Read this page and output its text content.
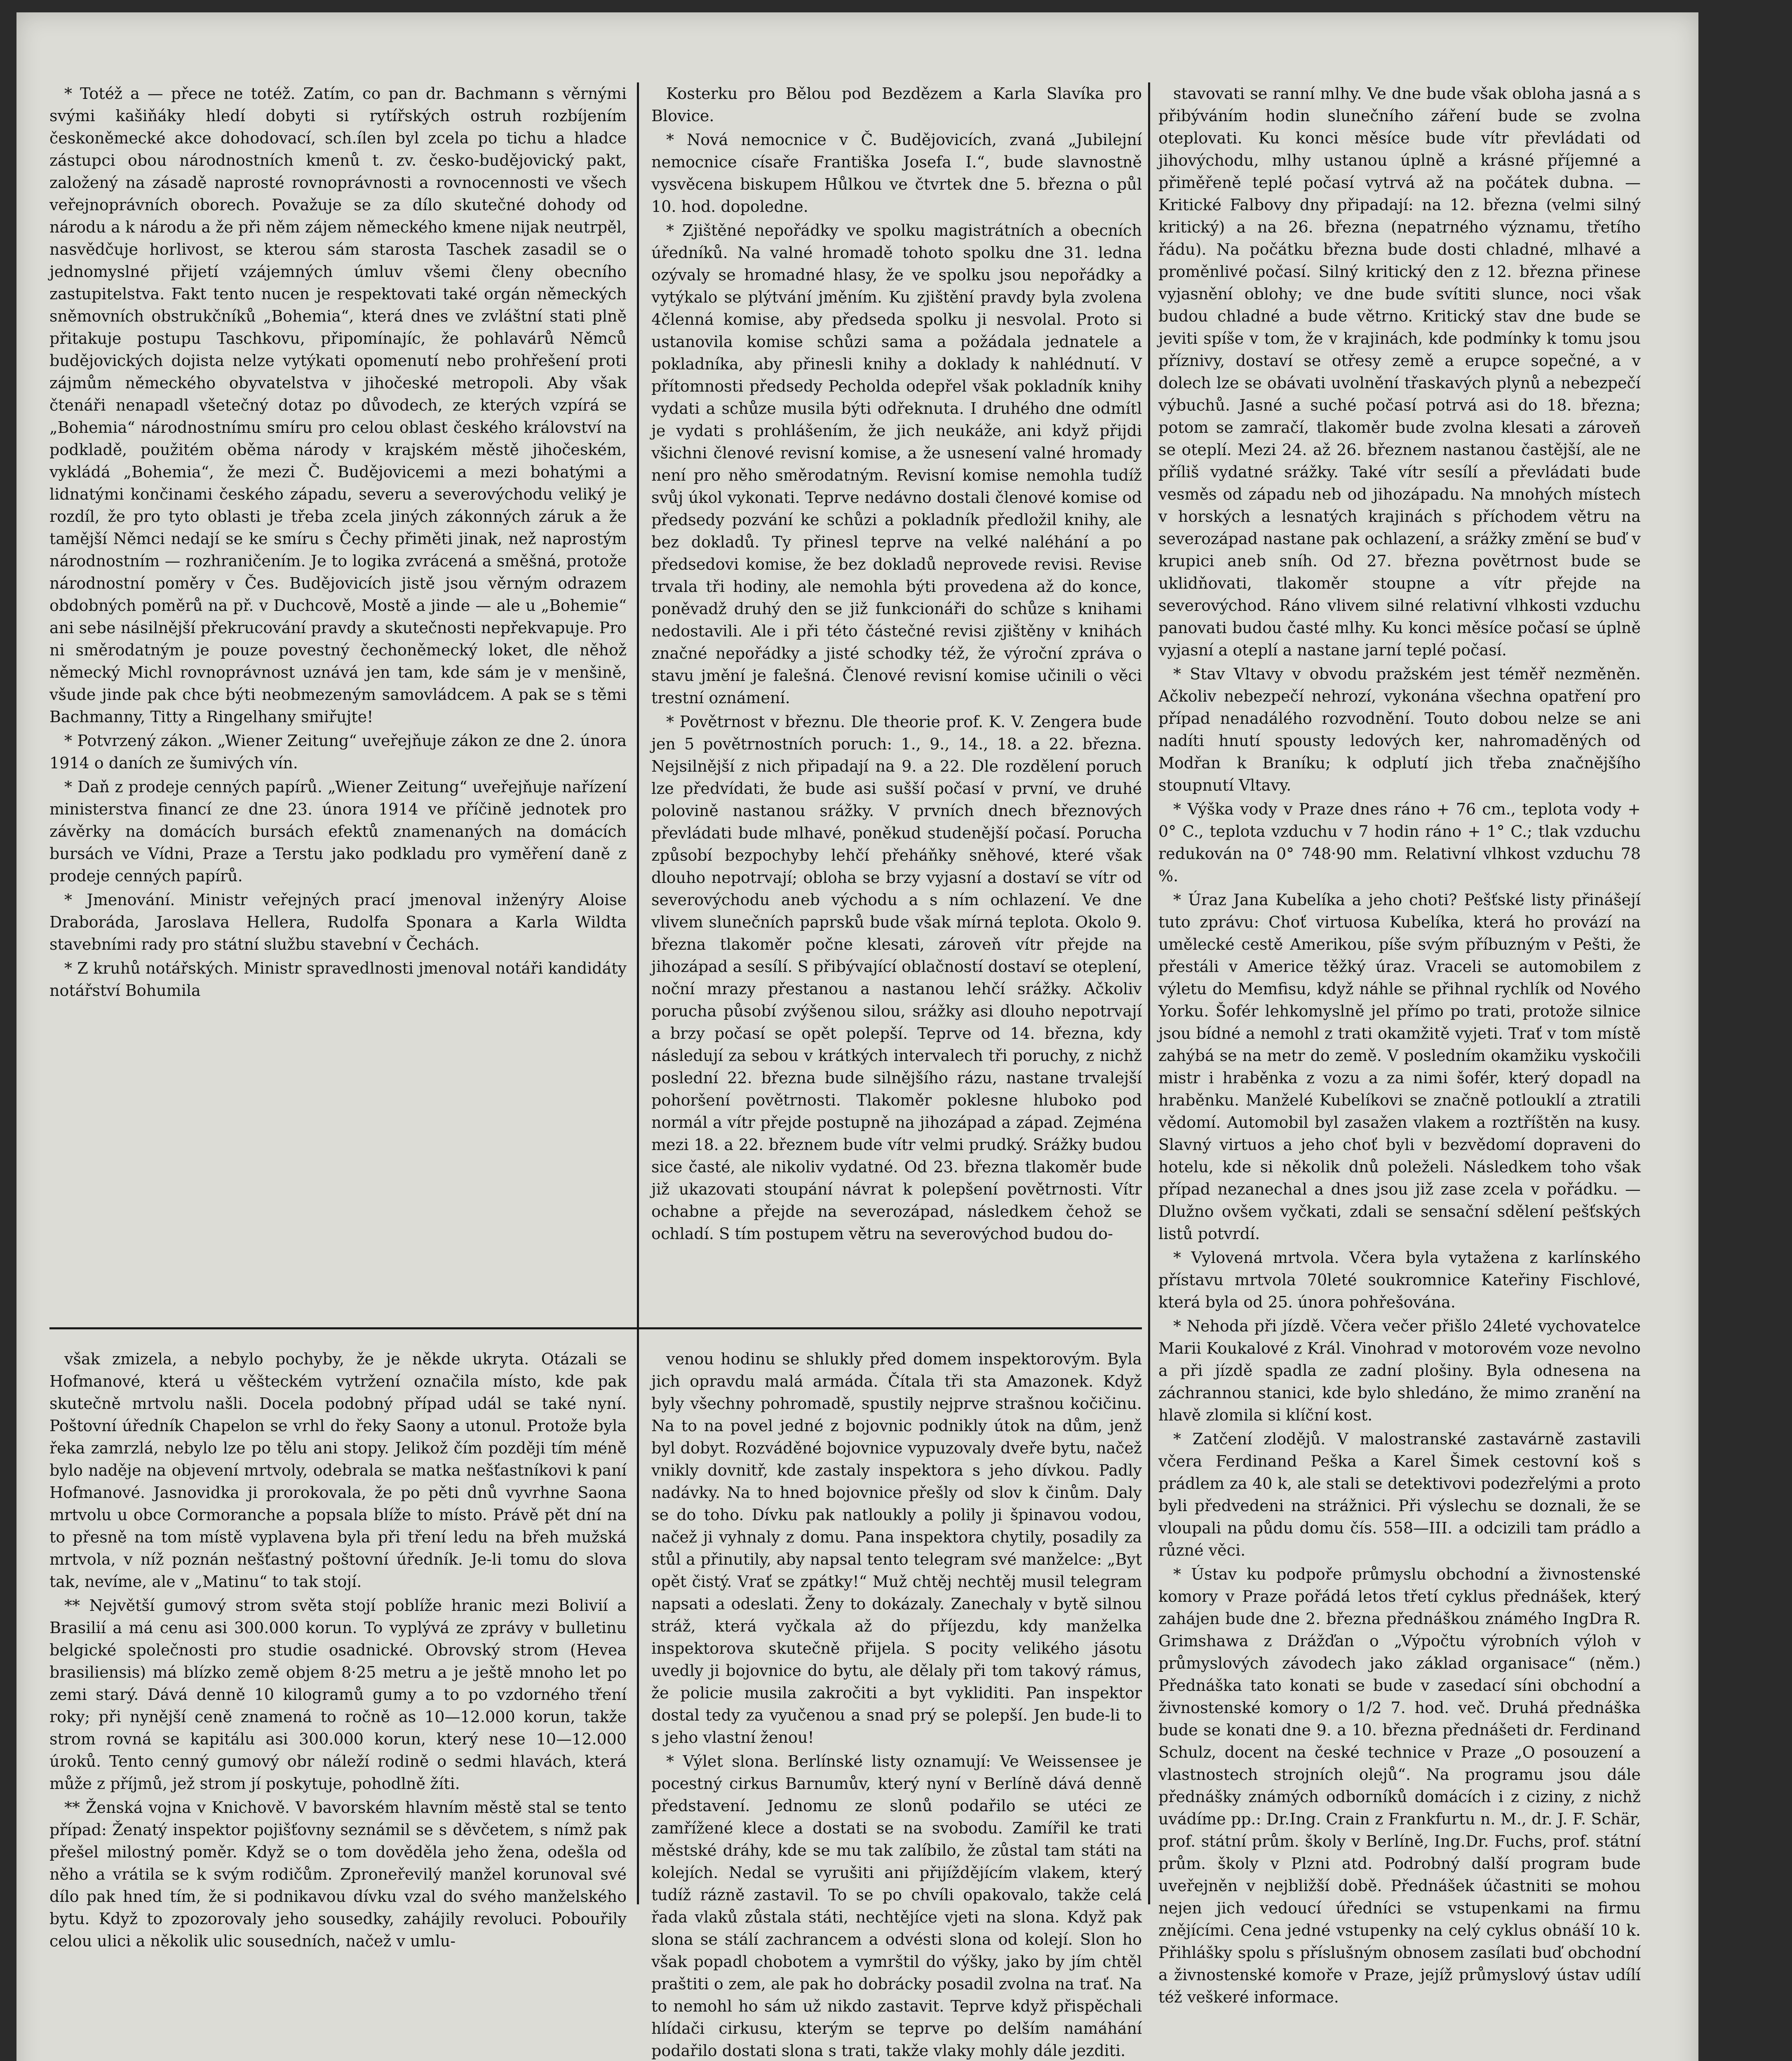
* Totéž a — přece ne totéž. Zatím, co pan dr. Bachmann s věrnými svými kašiňáky hledí dobyti si rytířských ostruh rozbíjením českoněmecké akce dohodovací, sch.ílen byl zcela po tichu a hladce zástupci obou národnostních kmenů t. zv. česko-budějovický pakt, založený na zásadě naprosté rovnoprávnosti a rovnocennosti ve všech veřejnoprávních oborech. Považuje se za dílo skutečné dohody od národu a k národu a že při něm zájem německého kmene nijak neutrpěl, nasvědčuje horlivost, se kterou sám starosta Taschek zasadil se o jednomyslné přijetí vzájemných úmluv všemi členy obecního zastupitelstva. Fakt tento nucen je respektovati také orgán německých sněmovních obstrukčníků „Bohemia“, která dnes ve zvláštní stati plně přitakuje postupu Taschkovu, připomínajíc, že pohlavárů Němců budějovických dojista nelze vytýkati opomenutí nebo prohřešení proti zájmům německého obyvatelstva v jihočeské metropoli. Aby však čtenáři nenapadl všetečný dotaz po důvodech, ze kterých vzpírá se „Bohemia“ národnostnímu smíru pro celou oblast českého království na podkladě, použitém oběma národy v krajském městě jihočeském, vykládá „Bohemia“, že mezi Č. Budějovicemi a mezi bohatými a lidnatými končinami českého západu, severu a severovýchodu veliký je rozdíl, že pro tyto oblasti je třeba zcela jiných zákonných záruk a že tamější Němci nedají se ke smíru s Čechy přiměti jinak, než naprostým národnostním — rozhraničením. Je to logika zvrácená a směšná, protože národnostní poměry v Čes. Budějovicích jistě jsou věrným odrazem obdobných poměrů na př. v Duchcově, Mostě a jinde — ale u „Bohemie“ ani sebe násilnější překrucování pravdy a skutečnosti nepřekvapuje. Pro ni směrodatným je pouze povestný čechoněmecký loket, dle něhož německý Michl rovnoprávnost uznává jen tam, kde sám je v menšině, všude jinde pak chce býti neobmezeným samovládcem. A pak se s těmi Bachmanny, Titty a Ringelhany smiřujte!

* Potvrzený zákon. „Wiener Zeitung“ uveřejňuje zákon ze dne 2. února 1914 o daních ze šumivých vín.

* Daň z prodeje cenných papírů. „Wiener Zeitung“ uveřejňuje nařízení ministerstva financí ze dne 23. února 1914 ve příčině jednotek pro závěrky na domácích bursách efektů znamenaných na domácích bursách ve Vídni, Praze a Terstu jako podkladu pro vyměření daně z prodeje cenných papírů.

* Jmenování. Ministr veřejných prací jmenoval inženýry Aloise Draboráda, Jaroslava Hellera, Rudolfa Sponara a Karla Wildta stavebními rady pro státní službu stavební v Čechách.

* Z kruhů notářských. Ministr spravedlnosti jmenoval notáři kandidáty notářství Bohumila

Kosterku pro Bělou pod Bezdězem a Karla Slavíka pro Blovice.

* Nová nemocnice v Č. Budějovicích, zvaná „Jubilejní nemocnice císaře Františka Josefa I.“, bude slavnostně vysvěcena biskupem Hůlkou ve čtvrtek dne 5. března o půl 10. hod. dopoledne.

* Zjištěné nepořádky ve spolku magistrátních a obecních úředníků. Na valné hromadě tohoto spolku dne 31. ledna ozývaly se hromadné hlasy, že ve spolku jsou nepořádky a vytýkalo se plýtvání jměním. Ku zjištění pravdy byla zvolena 4členná komise, aby předseda spolku ji nesvolal. Proto si ustanovila komise schůzi sama a požádala jednatele a pokladníka, aby přinesli knihy a doklady k nahlédnutí. V přítomnosti předsedy Pecholda odepřel však pokladník knihy vydati a schůze musila býti odřeknuta. I druhého dne odmítl je vydati s prohlášením, že jich neukáže, ani když přijdi všichni členové revisní komise, a že usnesení valné hromady není pro něho směrodatným. Revisní komise nemohla tudíž svůj úkol vykonati. Teprve nedávno dostali členové komise od předsedy pozvání ke schůzi a pokladník předložil knihy, ale bez dokladů. Ty přinesl teprve na velké naléhání a po předsedovi komise, že bez dokladů neprovede revisi. Revise trvala tři hodiny, ale nemohla býti provedena až do konce, poněvadž druhý den se již funkcionáři do schůze s knihami nedostavili. Ale i při této částečné revisi zjištěny v knihách značné nepořádky a jisté schodky též, že výroční zpráva o stavu jmění je falešná. Členové revisní komise učinili o věci trestní oznámení.

* Povětrnost v březnu. Dle theorie prof. K. V. Zengera bude jen 5 povětrnostních poruch: 1., 9., 14., 18. a 22. března. Nejsilnější z nich připadají na 9. a 22. Dle rozdělení poruch lze předvídati, že bude asi sušší počasí v první, ve druhé polovině nastanou srážky. V prvních dnech březnových převládati bude mlhavé, poněkud studenější počasí. Porucha způsobí bezpochyby lehčí přeháňky sněhové, které však dlouho nepotrvají; obloha se brzy vyjasní a dostaví se vítr od severovýchodu aneb východu a s ním ochlazení. Ve dne vlivem slunečních paprsků bude však mírná teplota. Okolo 9. března tlakoměr počne klesati, zároveň vítr přejde na jihozápad a sesílí. S přibývající oblačností dostaví se oteplení, noční mrazy přestanou a nastanou lehčí srážky. Ačkoliv porucha působí zvýšenou silou, srážky asi dlouho nepotrvají a brzy počasí se opět polepší. Teprve od 14. března, kdy následují za sebou v krátkých intervalech tři poruchy, z nichž poslední 22. března bude silnějšího rázu, nastane trvalejší pohoršení povětrnosti. Tlakoměr poklesne hluboko pod normál a vítr přejde postupně na jihozápad a západ. Zejména mezi 18. a 22. březnem bude vítr velmi prudký. Srážky budou sice časté, ale nikoliv vydatné. Od 23. března tlakoměr bude již ukazovati stoupání návrat k polepšení povětrnosti. Vítr ochabne a přejde na severozápad, následkem čehož se ochladí. S tím postupem větru na severovýchod budou do-

stavovati se ranní mlhy. Ve dne bude však obloha jasná a s přibýváním hodin slunečního záření bude se zvolna oteplovati. Ku konci měsíce bude vítr převládati od jihovýchodu, mlhy ustanou úplně a krásné příjemné a přiměřeně teplé počasí vytrvá až na počátek dubna. — Kritické Falbovy dny připadají: na 12. března (velmi silný kritický) a na 26. března (nepatrného významu, třetího řádu). Na počátku března bude dosti chladné, mlhavé a proměnlivé počasí. Silný kritický den z 12. března přinese vyjasnění oblohy; ve dne bude svítiti slunce, noci však budou chladné a bude větrno. Kritický stav dne bude se jeviti spíše v tom, že v krajinách, kde podmínky k tomu jsou příznivy, dostaví se otřesy země a erupce sopečné, a v dolech lze se obávati uvolnění třaskavých plynů a nebezpečí výbuchů. Jasné a suché počasí potrvá asi do 18. března; potom se zamračí, tlakoměr bude zvolna klesati a zároveň se oteplí. Mezi 24. až 26. březnem nastanou častější, ale ne příliš vydatné srážky. Také vítr sesílí a převládati bude vesměs od západu neb od jihozápadu. Na mnohých místech v horských a lesnatých krajinách s příchodem větru na severozápad nastane pak ochlazení, a srážky změní se buď v krupici aneb sníh. Od 27. března povětrnost bude se uklidňovati, tlakoměr stoupne a vítr přejde na severovýchod. Ráno vlivem silné relativní vlhkosti vzduchu panovati budou časté mlhy. Ku konci měsíce počasí se úplně vyjasní a oteplí a nastane jarní teplé počasí.

* Stav Vltavy v obvodu pražském jest téměř nezměněn. Ačkoliv nebezpečí nehrozí, vykonána všechna opatření pro případ nenadálého rozvodnění. Touto dobou nelze se ani nadíti hnutí spousty ledových ker, nahromaděných od Modřan k Braníku; k odplutí jich třeba značnějšího stoupnutí Vltavy.

* Výška vody v Praze dnes ráno + 76 cm., teplota vody + 0° C., teplota vzduchu v 7 hodin ráno + 1° C.; tlak vzduchu redukován na 0° 748·90 mm. Relativní vlhkost vzduchu 78 %.

* Úraz Jana Kubelíka a jeho choti? Pešťské listy přinášejí tuto zprávu: Choť virtuosa Kubelíka, která ho provází na umělecké cestě Amerikou, píše svým příbuzným v Pešti, že přestáli v Americe těžký úraz. Vraceli se automobilem z výletu do Memfisu, když náhle se přihnal rychlík od Nového Yorku. Šofér lehkomyslně jel přímo po trati, protože silnice jsou bídné a nemohl z trati okamžitě vyjeti. Trať v tom místě zahýbá se na metr do země. V posledním okamžiku vyskočili mistr i hraběnka z vozu a za nimi šofér, který dopadl na hraběnku. Manželé Kubelíkovi se značně potlouklí a ztratili vědomí. Automobil byl zasažen vlakem a roztříštěn na kusy. Slavný virtuos a jeho choť byli v bezvědomí dopraveni do hotelu, kde si několik dnů poleželi. Následkem toho však případ nezanechal a dnes jsou již zase zcela v pořádku. — Dlužno ovšem vyčkati, zdali se sensační sdělení pešťských listů potvrdí.

* Vylovená mrtvola. Včera byla vytažena z karlínského přístavu mrtvola 70leté soukromnice Kateřiny Fischlové, která byla od 25. února pohřešována.

* Nehoda při jízdě. Včera večer přišlo 24leté vychovatelce Marii Koukalové z Král. Vinohrad v motorovém voze nevolno a při jízdě spadla ze zadní plošiny. Byla odnesena na záchrannou stanici, kde bylo shledáno, že mimo zranění na hlavě zlomila si klíční kost.

* Zatčení zlodějů. V malostranské zastavárně zastavili včera Ferdinand Peška a Karel Šimek cestovní koš s prádlem za 40 k, ale stali se detektivovi podezřelými a proto byli předvedeni na strážnici. Při výslechu se doznali, že se vloupali na půdu domu čís. 558—III. a odcizili tam prádlo a různé věci.

* Ústav ku podpoře průmyslu obchodní a živnostenské komory v Praze pořádá letos třetí cyklus přednášek, který zahájen bude dne 2. března přednáškou známého IngDra R. Grimshawa z Drážďan o „Výpočtu výrobních výloh v průmyslových závodech jako základ organisace“ (něm.) Přednáška tato konati se bude v zasedací síni obchodní a živnostenské komory o 1/2 7. hod. več. Druhá přednáška bude se konati dne 9. a 10. března přednášeti dr. Ferdinand Schulz, docent na české technice v Praze „O posouzení a vlastnostech strojních olejů“. Na programu jsou dále přednášky známých odborníků domácích i z ciziny, z nichž uvádíme pp.: Dr.Ing. Crain z Frankfurtu n. M., dr. J. F. Schär, prof. státní prům. školy v Berlíně, Ing.Dr. Fuchs, prof. státní prům. školy v Plzni atd. Podrobný další program bude uveřejněn v nejbližší době. Přednášek účastniti se mohou nejen jich vedoucí úředníci se vstupenkami na firmu znějícími. Cena jedné vstupenky na celý cyklus obnáší 10 k. Přihlášky spolu s příslušným obnosem zasílati buď obchodní a živnostenské komoře v Praze, jejíž průmyslový ústav udílí též veškeré informace.

však zmizela, a nebylo pochyby, že je někde ukryta. Otázali se Hofmanové, která u věšteckém vytržení označila místo, kde pak skutečně mrtvolu našli. Docela podobný případ udál se také nyní. Poštovní úředník Chapelon se vrhl do řeky Saony a utonul. Protože byla řeka zamrzlá, nebylo lze po tělu ani stopy. Jelikož čím později tím méně bylo naděje na objevení mrtvoly, odebrala se matka nešťastníkovi k paní Hofmanové. Jasnovidka ji prorokovala, že po pěti dnů vyvrhne Saona mrtvolu u obce Cormoranche a popsala blíže to místo. Právě pět dní na to přesně na tom místě vyplavena byla při tření ledu na břeh mužská mrtvola, v níž poznán nešťastný poštovní úředník. Je-li tomu do slova tak, nevíme, ale v „Matinu“ to tak stojí.

** Největší gumový strom světa stojí poblíže hranic mezi Bolivií a Brasilií a má cenu asi 300.000 korun. To vyplývá ze zprávy v bulletinu belgické společnosti pro studie osadnické. Obrovský strom (Hevea brasiliensis) má blízko země objem 8·25 metru a je ještě mnoho let po zemi starý. Dává denně 10 kilogramů gumy a to po vzdorného tření roky; při nynější ceně znamená to ročně as 10—12.000 korun, takže strom rovná se kapitálu asi 300.000 korun, který nese 10—12.000 úroků. Tento cenný gumový obr náleží rodině o sedmi hlavách, která může z příjmů, jež strom jí poskytuje, pohodlně žíti.

** Ženská vojna v Knichově. V bavorském hlavním městě stal se tento případ: Ženatý inspektor pojišťovny seznámil se s děvčetem, s nímž pak přešel milostný poměr. Když se o tom dověděla jeho žena, odešla od něho a vrátila se k svým rodičům. Zproneřevilý manžel korunoval své dílo pak hned tím, že si podnikavou dívku vzal do svého manželského bytu. Když to zpozorovaly jeho sousedky, zahájily revoluci. Pobouřily celou ulici a několik ulic sousedních, načež v umlu-

venou hodinu se shlukly před domem inspektorovým. Byla jich opravdu malá armáda. Čítala tři sta Amazonek. Když byly všechny pohromadě, spustily nejprve strašnou kočičinu. Na to na povel jedné z bojovnic podnikly útok na dům, jenž byl dobyt. Rozváděné bojovnice vypuzovaly dveře bytu, načež vnikly dovnitř, kde zastaly inspektora s jeho dívkou. Padly nadávky. Na to hned bojovnice přešly od slov k činům. Daly se do toho. Dívku pak natloukly a polily ji špinavou vodou, načež ji vyhnaly z domu. Pana inspektora chytily, posadily za stůl a přinutily, aby napsal tento telegram své manželce: „Byt opět čistý. Vrať se zpátky!“ Muž chtěj nechtěj musil telegram napsati a odeslati. Ženy to dokázaly. Zanechaly v bytě silnou stráž, která vyčkala až do příjezdu, kdy manželka inspektorova skutečně přijela. S pocity velikého jásotu uvedly ji bojovnice do bytu, ale dělaly při tom takový rámus, že policie musila zakročiti a byt vykliditi. Pan inspektor dostal tedy za vyučenou a snad prý se polepší. Jen bude-li to s jeho vlastní ženou!

* Výlet slona. Berlínské listy oznamují: Ve Weissensee je pocestný cirkus Barnumův, který nyní v Berlíně dává denně představení. Jednomu ze slonů podařilo se utéci ze zamřížené klece a dostati se na svobodu. Zamířil ke trati městské dráhy, kde se mu tak zalíbilo, že zůstal tam státi na kolejích. Nedal se vyrušiti ani přijíždějícím vlakem, který tudíž rázně zastavil. To se po chvíli opakovalo, takže celá řada vlaků zůstala státi, nechtějíce vjeti na slona. Když pak slona se stálí zachrancem a odvésti slona od kolejí. Slon ho však popadl chobotem a vymrštil do výšky, jako by jím chtěl praštiti o zem, ale pak ho dobrácky posadil zvolna na trať. Na to nemohl ho sám už nikdo zastavit. Teprve když přispěchali hlídači cirkusu, kterým se teprve po delším namáhání podařilo dostati slona s trati, takže vlaky mohly dále jezditi.
